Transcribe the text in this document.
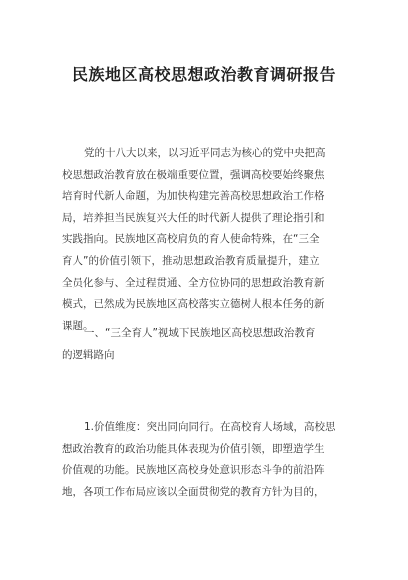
民族地区高校思想政治教育调研报告
党的十八大以来，以习近平同志为核心的党中央把高
校思想政治教育放在极端重要位置，强调高校要始终聚焦
培育时代新人命题，为加快构建完善高校思想政治工作格
局，培养担当民族复兴大任的时代新人提供了理论指引和
实践指向。民族地区高校肩负的育人使命特殊，在“三全
育人”的价值引领下，推动思想政治教育质量提升，建立
全员化参与、全过程贯通、全方位协同的思想政治教育新
模式，已然成为民族地区高校落实立德树人根本任务的新
课题。
一、“三全育人”视域下民族地区高校思想政治教育
的逻辑路向
1.价值维度：突出同向同行。在高校育人场域，高校思
想政治教育的政治功能具体表现为价值引领，即塑造学生
价值观的功能。民族地区高校身处意识形态斗争的前沿阵
地，各项工作布局应该以全面贯彻党的教育方针为目的，
